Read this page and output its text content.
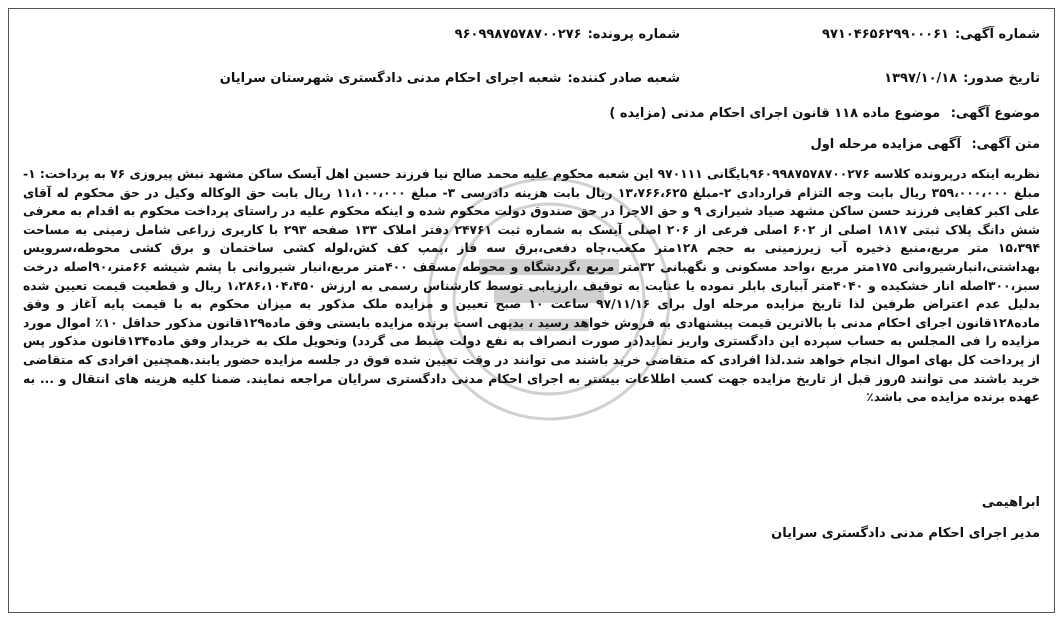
شماره آگهی:
۹۷۱۰۴۶۵۶۲۹۹۰۰۰۶۱
شماره پرونده:
۹۶۰۹۹۸۷۵۷۸۷۰۰۲۷۶
تاریخ صدور:
۱۳۹۷/۱۰/۱۸
شعبه صادر کننده:
شعبه اجرای احکام مدنی دادگستری شهرستان سرایان
موضوع آگهی: موضوع ماده ۱۱۸ قانون اجرای احکام مدنی (مزایده )
متن آگهی: آگهی مزایده مرحله اول
نظربه اینکه درپرونده کلاسه ۹۶۰۹۹۸۷۵۷۸۷۰۰۲۷۶بایگانی ۹۷۰۱۱۱ این شعبه محکوم علیه محمد صالح نیا فرزند حسین اهل آیسک ساکن مشهد نبش پیروزی ۷۶ به پرداخت: ۱-مبلغ ۳۵۹،۰۰۰،۰۰۰ ریال بابت وجه التزام قراردادی ۲-مبلغ ۱۳،۷۶۶،۶۲۵ ریال بابت هزینه دادرسی ۳- مبلغ ۱۱،۱۰۰،۰۰۰ ریال بابت حق الوکاله وکیل در حق محکوم له آقای علی اکبر کفایی فرزند حسن ساکن مشهد صیاد شیرازی ۹ و حق الاجرا در حق صندوق دولت محکوم شده و اینکه محکوم علیه در راستای پرداخت محکوم به اقدام به معرفی شش دانگ پلاک ثبتی ۱۸۱۷ اصلی از ۶۰۲ اصلی فرعی از ۲۰۶ اصلی آیسک به شماره ثبت ۲۴۷۶۱ دفتر املاک ۱۳۳ صفحه ۲۹۳ با کاربری زراعی شامل زمینی به مساحت ۱۵،۳۹۴ متر مربع،منبع ذخیره آب زیرزمینی به حجم ۱۲۸متر مکعب،چاه دفعی،برق سه فاز ،پمپ کف کش،لوله کشی ساختمان و برق کشی محوطه،سرویس بهداشتی،انبارشیروانی ۱۷۵متر مربع ،واحد مسکونی و نگهبانی ۳۲متر مربع ،گردشگاه و محوطه مسقف ۴۰۰متر مربع،انبار شیروانی با پشم شیشه ۶۶متر،۹۰اصله درخت سبز،۳۰۰اصله انار خشکیده و ۴۰۴۰متر آبیاری بابلر نموده با عنایت به توقیف ،ارزیابی توسط کارشناس رسمی به ارزش ۱،۲۸۶،۱۰۴،۴۵۰ ریال و قطعیت قیمت تعیین شده بدلیل عدم اعتراض طرفین لذا تاریخ مزایده مرحله اول برای ۹۷/۱۱/۱۶ ساعت ۱۰ صبح تعیین و مزایده ملک مذکور به میزان محکوم به با قیمت پایه آغاز و وفق ماده۱۲۸قانون اجرای احکام مدنی با بالاترین قیمت پیشنهادی به فروش خواهد رسید ، بدیهی است برنده مزایده بایستی وفق ماده۱۲۹قانون مذکور حداقل ۱۰٪ اموال مورد مزایده را فی المجلس به حساب سپرده این دادگستری واریز نماید(در صورت انصراف به نفع دولت ضبط می گردد) وتحویل ملک به خریدار وفق ماده۱۳۴قانون مذکور پس از پرداخت کل بهای اموال انجام خواهد شد.لذا افرادی که متقاضی خرید باشند می توانند در وقت تعیین شده فوق در جلسه مزایده حضور یابند.همچنین افرادی که متقاضی خرید باشند می توانند ۵روز قبل از تاریخ مزایده جهت کسب اطلاعات بیشتر به اجرای احکام مدنی دادگستری سرایان مراجعه نمایند. ضمنا کلیه هزینه های انتقال و ... به عهده برنده مزایده می باشد٪
ابراهیمی
مدیر اجرای احکام مدنی دادگستری سرایان
